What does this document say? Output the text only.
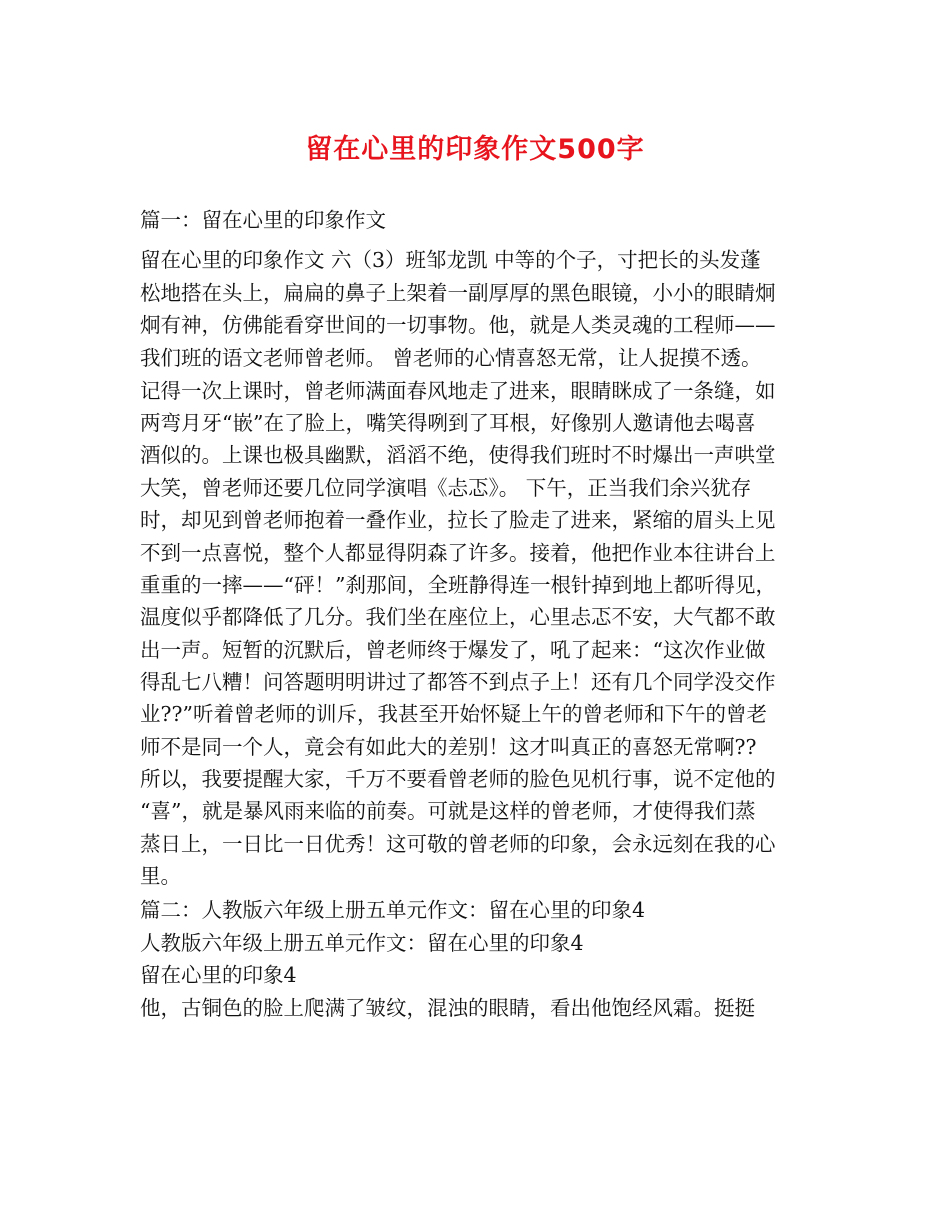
留在心里的印象作文500字
篇一：留在心里的印象作文
留在心里的印象作文 六（3）班邹龙凯 中等的个子，寸把长的头发蓬
松地搭在头上，扁扁的鼻子上架着一副厚厚的黑色眼镜，小小的眼睛炯
炯有神，仿佛能看穿世间的一切事物。他，就是人类灵魂的工程师——
我们班的语文老师曾老师。 曾老师的心情喜怒无常，让人捉摸不透。
记得一次上课时，曾老师满面春风地走了进来，眼睛眯成了一条缝，如
两弯月牙“嵌”在了脸上，嘴笑得咧到了耳根，好像别人邀请他去喝喜
酒似的。上课也极具幽默，滔滔不绝，使得我们班时不时爆出一声哄堂
大笑，曾老师还要几位同学演唱《忐忑》。 下午，正当我们余兴犹存
时，却见到曾老师抱着一叠作业，拉长了脸走了进来，紧缩的眉头上见
不到一点喜悦，整个人都显得阴森了许多。接着，他把作业本往讲台上
重重的一摔——“砰！”刹那间，全班静得连一根针掉到地上都听得见，
温度似乎都降低了几分。我们坐在座位上，心里忐忑不安，大气都不敢
出一声。短暂的沉默后，曾老师终于爆发了，吼了起来：“这次作业做
得乱七八糟！问答题明明讲过了都答不到点子上！还有几个同学没交作
业??”听着曾老师的训斥，我甚至开始怀疑上午的曾老师和下午的曾老
师不是同一个人，竟会有如此大的差别！这才叫真正的喜怒无常啊??
所以，我要提醒大家，千万不要看曾老师的脸色见机行事，说不定他的
“喜”，就是暴风雨来临的前奏。可就是这样的曾老师，才使得我们蒸
蒸日上，一日比一日优秀！这可敬的曾老师的印象，会永远刻在我的心
里。
篇二：人教版六年级上册五单元作文：留在心里的印象4
人教版六年级上册五单元作文：留在心里的印象4
留在心里的印象4
他，古铜色的脸上爬满了皱纹，混浊的眼睛，看出他饱经风霜。挺挺
